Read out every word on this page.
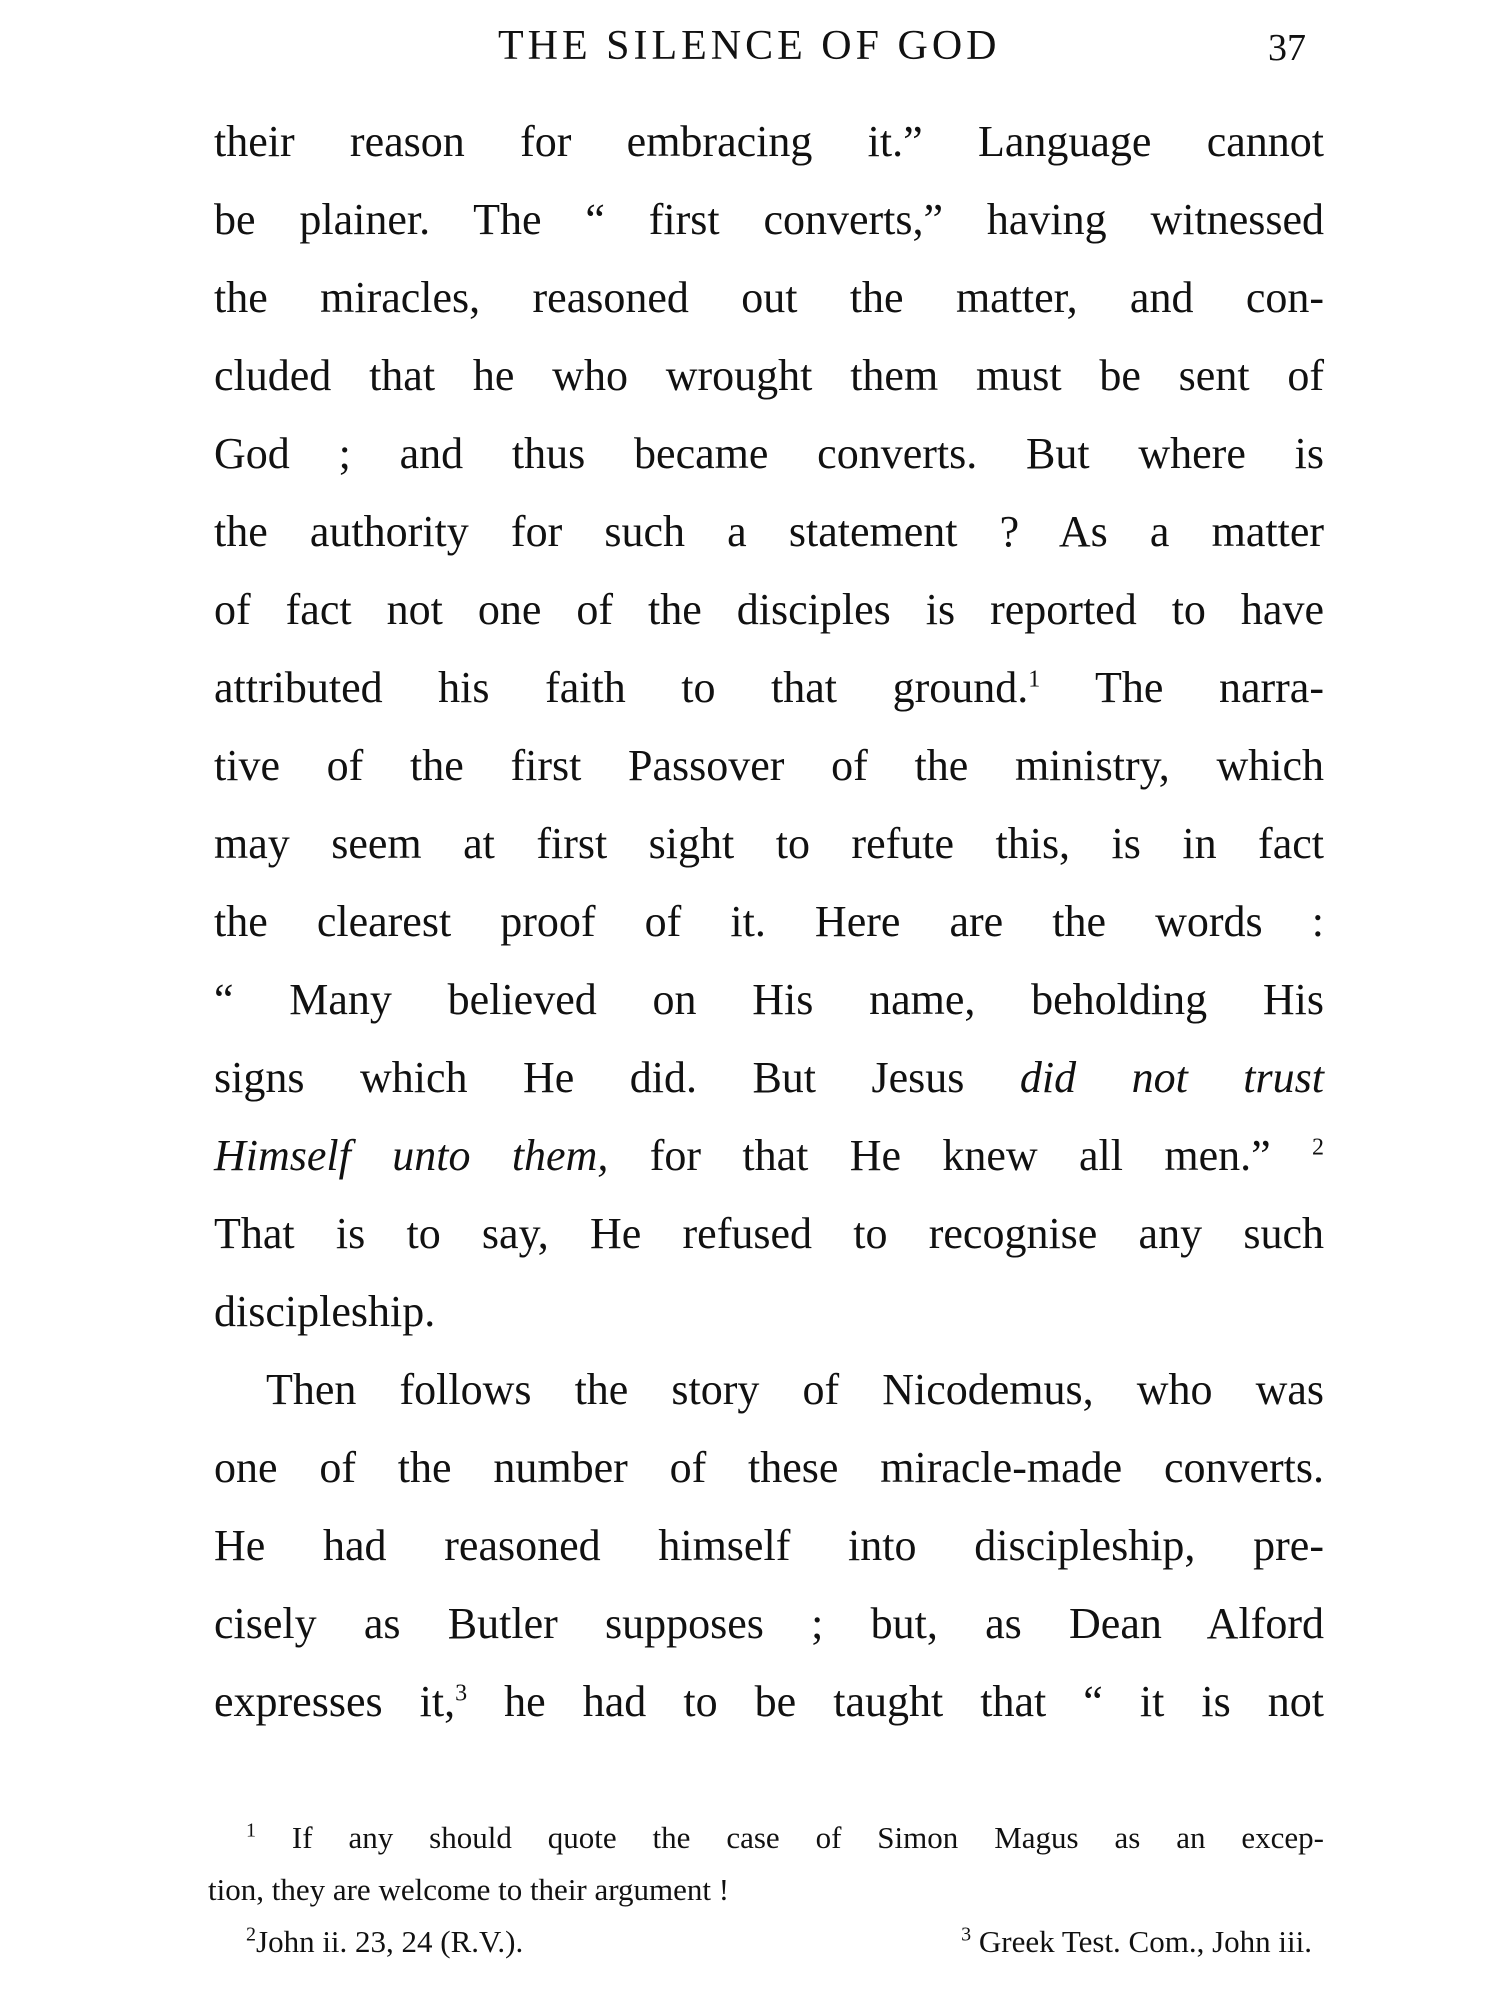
THE SILENCE OF GOD	37
their reason for embracing it.” Language cannot
be plainer. The “ first converts,” having witnessed
the miracles, reasoned out the matter, and con-
cluded that he who wrought them must be sent of
God ; and thus became converts. But where is
the authority for such a statement ? As a matter
of fact not one of the disciples is reported to have
attributed his faith to that ground.$^1$ The narra-
tive of the first Passover of the ministry, which
may seem at first sight to refute this, is in fact
the clearest proof of it. Here are the words :
“ Many believed on His name, beholding His
signs which He did. But Jesus did not trust
Himself unto them, for that He knew all men.” $^2$
That is to say, He refused to recognise any such
discipleship.
Then follows the story of Nicodemus, who was
one of the number of these miracle-made converts.
He had reasoned himself into discipleship, pre-
cisely as Butler supposes ; but, as Dean Alford
expresses it,$^3$ he had to be taught that “ it is not
$^1$ If any should quote the case of Simon Magus as an excep-
tion, they are welcome to their argument !
$^2$John ii. 23, 24 (R.V.).	$^3$ Greek Test. Com., John iii.
